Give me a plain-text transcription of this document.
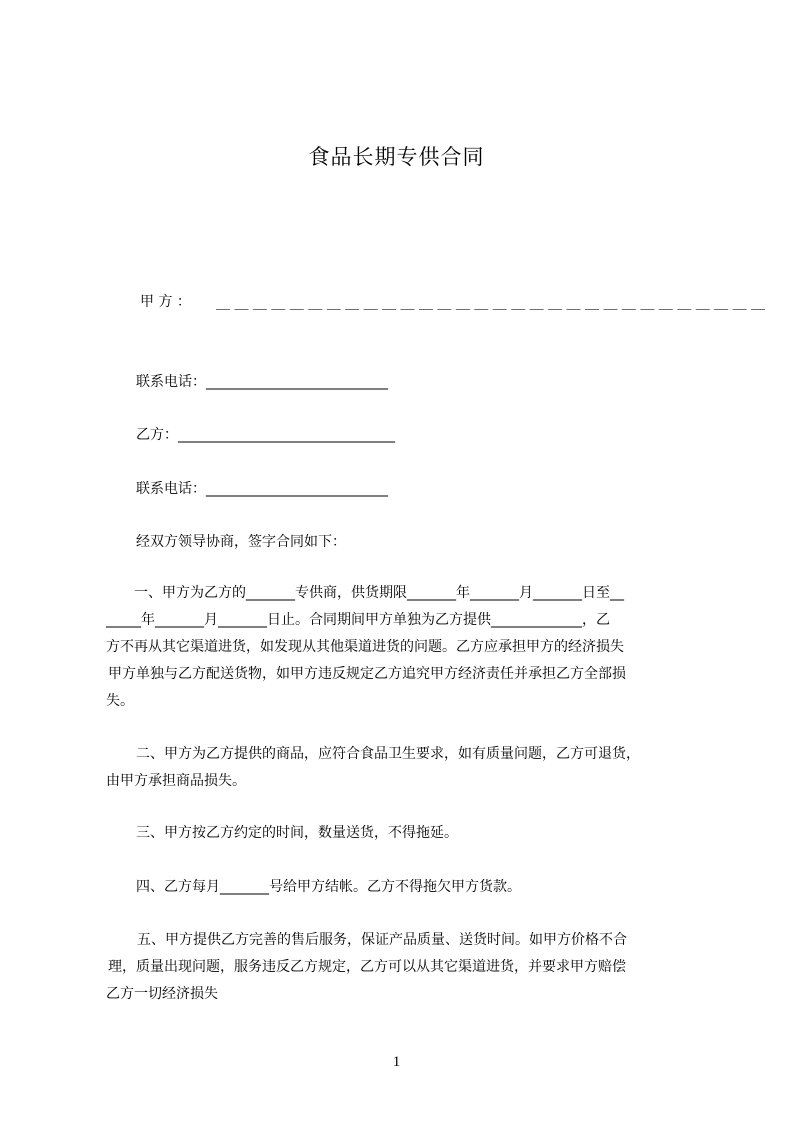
食品长期专供合同
甲 方 ： ＿ ＿ ＿ ＿ ＿ ＿ ＿ ＿ ＿ ＿ ＿ ＿ ＿ ＿ ＿ ＿ ＿ ＿ ＿ ＿ ＿ ＿ ＿ ＿ ＿ ＿ ＿ ＿ ＿ ＿
联系电话：__________________________
乙方：_______________________________
联系电话：__________________________
经双方领导协商，签字合同如下：
一、甲方为乙方的_______专供商，供货期限_______年_______月_______日至__
_____年_______月_______日止。合同期间甲方单独为乙方提供_____________，乙
方不再从其它渠道进货，如发现从其他渠道进货的问题。乙方应承担甲方的经济损失
甲方单独与乙方配送货物，如甲方违反规定乙方追究甲方经济责任并承担乙方全部损
失。
二、甲方为乙方提供的商品，应符合食品卫生要求，如有质量问题，乙方可退货，
由甲方承担商品损失。
三、甲方按乙方约定的时间，数量送货，不得拖延。
四、乙方每月_______号给甲方结帐。乙方不得拖欠甲方货款。
五、甲方提供乙方完善的售后服务，保证产品质量、送货时间。如甲方价格不合
理，质量出现问题，服务违反乙方规定，乙方可以从其它渠道进货，并要求甲方赔偿
乙方一切经济损失
1
